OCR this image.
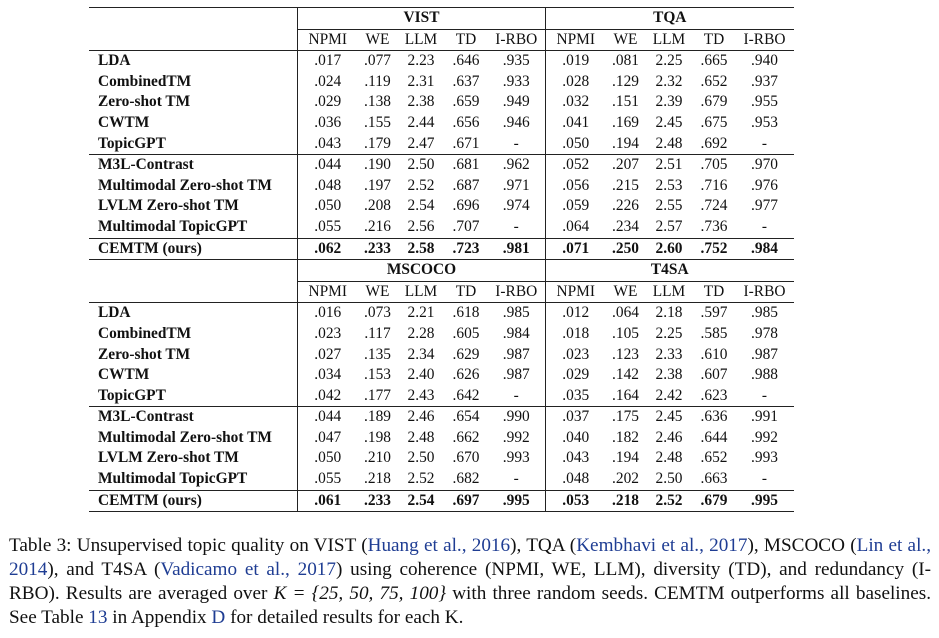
	VIST					TQA				
	NPMI	WE	LLM	TD	I-RBO	NPMI	WE	LLM	TD	I-RBO
LDA	.017	.077	2.23	.646	.935	.019	.081	2.25	.665	.940
CombinedTM	.024	.119	2.31	.637	.933	.028	.129	2.32	.652	.937
Zero-shot TM	.029	.138	2.38	.659	.949	.032	.151	2.39	.679	.955
CWTM	.036	.155	2.44	.656	.946	.041	.169	2.45	.675	.953
TopicGPT	.043	.179	2.47	.671	-	.050	.194	2.48	.692	-
M3L-Contrast	.044	.190	2.50	.681	.962	.052	.207	2.51	.705	.970
Multimodal Zero-shot TM	.048	.197	2.52	.687	.971	.056	.215	2.53	.716	.976
LVLM Zero-shot TM	.050	.208	2.54	.696	.974	.059	.226	2.55	.724	.977
Multimodal TopicGPT	.055	.216	2.56	.707	-	.064	.234	2.57	.736	-
CEMTM (ours)	.062	.233	2.58	.723	.981	.071	.250	2.60	.752	.984
	MSCOCO					T4SA				
	NPMI	WE	LLM	TD	I-RBO	NPMI	WE	LLM	TD	I-RBO
LDA	.016	.073	2.21	.618	.985	.012	.064	2.18	.597	.985
CombinedTM	.023	.117	2.28	.605	.984	.018	.105	2.25	.585	.978
Zero-shot TM	.027	.135	2.34	.629	.987	.023	.123	2.33	.610	.987
CWTM	.034	.153	2.40	.626	.987	.029	.142	2.38	.607	.988
TopicGPT	.042	.177	2.43	.642	-	.035	.164	2.42	.623	-
M3L-Contrast	.044	.189	2.46	.654	.990	.037	.175	2.45	.636	.991
Multimodal Zero-shot TM	.047	.198	2.48	.662	.992	.040	.182	2.46	.644	.992
LVLM Zero-shot TM	.050	.210	2.50	.670	.993	.043	.194	2.48	.652	.993
Multimodal TopicGPT	.055	.218	2.52	.682	-	.048	.202	2.50	.663	-
CEMTM (ours)	.061	.233	2.54	.697	.995	.053	.218	2.52	.679	.995
Table 3: Unsupervised topic quality on VIST (Huang et al., 2016), TQA (Kembhavi et al., 2017), MSCOCO (Lin et al., 2014), and T4SA (Vadicamo et al., 2017) using coherence (NPMI, WE, LLM), diversity (TD), and redundancy (I-RBO). Results are averaged over K = {25, 50, 75, 100} with three random seeds. CEMTM outperforms all baselines. See Table 13 in Appendix D for detailed results for each K.
